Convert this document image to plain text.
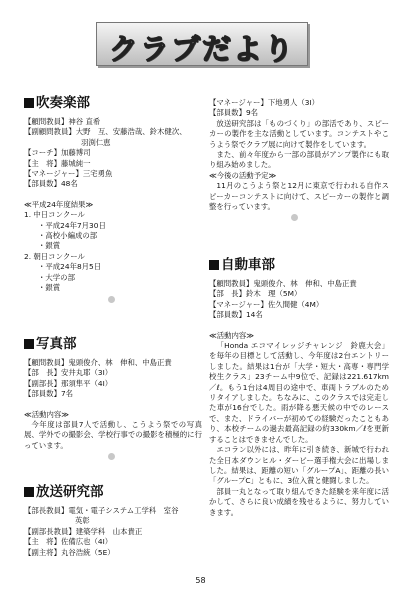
クラブだより
吹奏楽部
【顧問教員】神谷 直希
【副顧問教員】大野　互、安藤浩哉、鈴木健次、
羽渕仁恵
【コーチ】加藤博司
【主　将】藤城純一
【マネージャー】三宅勇魚
【部員数】48名
≪平成24年度結果≫
1. 中日コンクール
・平成24年7月30日
・高校小編成の部
・銀賞
2. 朝日コンクール
・平成24年8月5日
・大学の部
・銀賞
写真部
【顧問教員】鬼頭俊介、林　伸和、中島正貴
【部　長】安井丸耶（3I）
【副部長】那須隼平（4I）
【部員数】7名
≪活動内容≫
今年度は部員7人で活動し、こうよう祭での写真展、学外での撮影会、学校行事での撮影を積極的に行っています。
放送研究部
【部長教員】電気・電子システム工学科　室谷
英彰
【副部長教員】建築学科　山本貴正
【主　将】佐備広也（4I）
【副主将】丸谷浩統（5E）
【マネージャー】下地勇人（3I）
【部員数】9名
放送研究部は「ものづくり」の部活であり、スピーカーの製作を主な活動としています。コンテストやこうよう祭でクラブ展に向けて製作をしています。
また、前々年度から一部の部員がアンプ製作にも取り組み始めました。
≪今後の活動予定≫
11月のこうよう祭と12月に東京で行われる自作スピーカーコンテストに向けて、スピーカーの製作と調整を行っています。
自動車部
【顧問教員】鬼頭俊介、林　伸和、中島正貴
【部　長】鈴木　理（5M）
【マネージャー】佐久間健（4M）
【部員数】14名
≪活動内容≫
「Honda エコマイレッジチャレンジ　鈴鹿大会」を毎年の目標として活動し、今年度は2台エントリーしました。結果は1台が「大学・短大・高専・専門学校生クラス」23チーム中9位で、記録は221.617km／ℓ。もう1台は4周目の途中で、車両トラブルのためリタイアしました。ちなみに、このクラスでは完走した車が16台でした。雨が降る悪天候の中でのレースで、また、ドライバーが初めての経験だったこともあり、本校チームの過去最高記録の約330km／ℓを更新することはできませんでした。
エコラン以外には、昨年に引き続き、新城で行われた全日本ダウンヒル・ダービー選手権大会に出場しました。結果は、距離の短い「グループA」、距離の長い「グループC」ともに、3位入賞と健闘しました。
部員一丸となって取り組んできた経験を来年度に活かして、さらに良い成績を残せるように、努力していきます。
58
